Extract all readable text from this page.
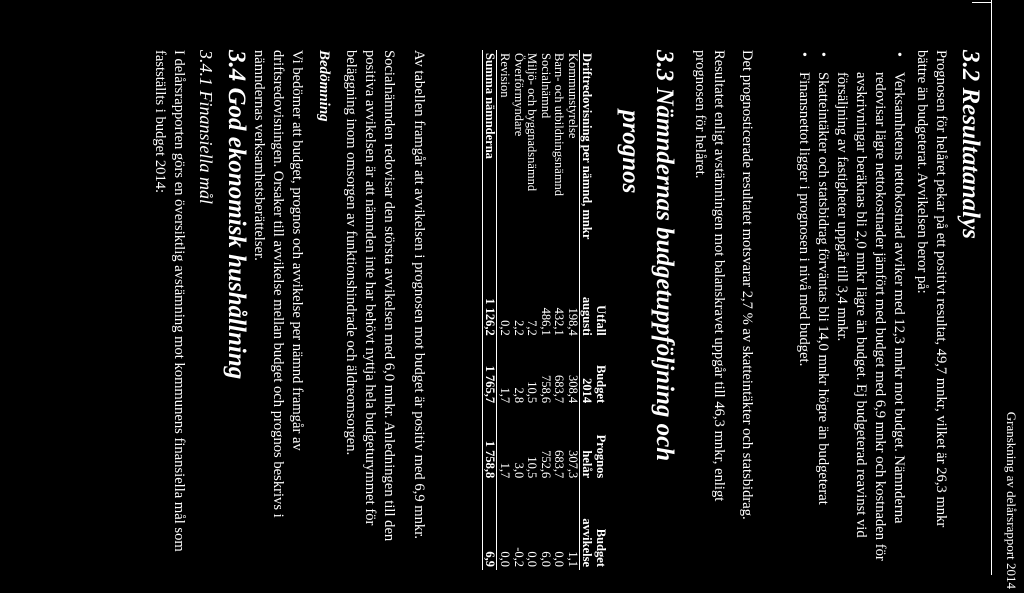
Granskning av delårsrapport 2014
3.2 Resultatanalys
Prognosen för helåret pekar på ett positivt resultat, 49,7 mnkr, vilket är 26,3 mnkr bättre än budgeterat. Avvikelsen beror på:
• Verksamhetens nettokostnad avviker med 12,3 mnkr mot budget. Nämnderna redovisar lägre nettokostnader jämfört med budget med 6,9 mnkr och kostnaden för avskrivningar beräknas bli 2,0 mnkr lägre än budget. Ej budgeterad reavinst vid försäljning av fastigheter uppgår till 3,4 mnkr.
• Skatteintäkter och statsbidrag förväntas bli 14,0 mnkr högre än budgeterat
• Finansnettot ligger i prognosen i nivå med budget.
Det prognosticerade resultatet motsvarar 2,7 % av skatteintäkter och statsbidrag.
Resultatet enligt avstämningen mot balanskravet uppgår till 46,3 mnkr, enligt prognosen för helåret.
3.3 Nämndernas budgetuppföljning och
prognos
Driftredovisning per nämnd, mnkr	Utfall augusti	Budget 2014	Prognos helår	Budget avvikelse
Kommunstyrelse	198,4	308,4	307,3	1,1
Barn- och utbildningsnämnd	432,1	683,7	683,7	0,0
Socialnämnd	486,1	758,6	752,6	6,0
Miljö- och byggnadsnämnd	7,2	10,5	10,5	0,0
Överförmyndare	2,2	2,8	3,0	-0,2
Revision	0,2	1,7	1,7	0,0
Summa nämnderna	1 126,2	1 765,7	1 758,8	6,9
Av tabellen framgår att avvikelsen i prognosen mot budget är positiv med 6,9 mnkr.
Socialnämnden redovisar den största avvikelsen med 6,0 mnkr. Anledningen till den positiva avvikelsen är att nämnden inte har behövt nyttja hela budgeturymmet för beläggning inom omsorgen av funktionshindrade och äldreomsorgen.
Bedömning
Vi bedömer att budget, prognos och avvikelse per nämnd framgår av driftsredovisningen. Orsaker till avvikelse mellan budget och prognos beskrivs i nämndernas verksamhetsberättelser.
3.4 God ekonomisk hushållning
3.4.1 Finansiella mål
I delårsrapporten görs en översiktlig avstämning mot kommunens finansiella mål som fastställts i budget 2014:
